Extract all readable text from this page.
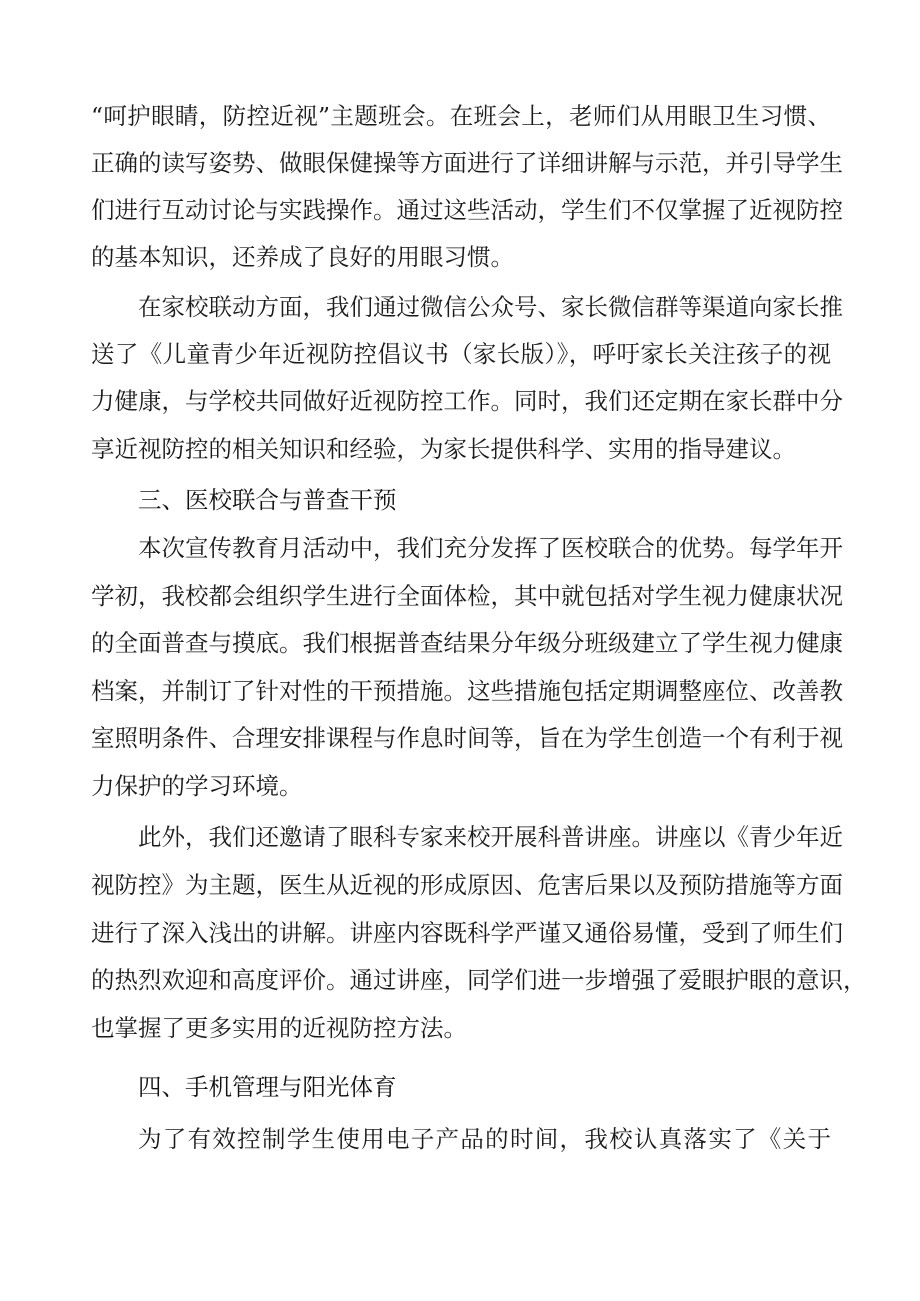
“呵护眼睛，防控近视”主题班会。在班会上，老师们从用眼卫生习惯、
正确的读写姿势、做眼保健操等方面进行了详细讲解与示范，并引导学生
们进行互动讨论与实践操作。通过这些活动，学生们不仅掌握了近视防控
的基本知识，还养成了良好的用眼习惯。
在家校联动方面，我们通过微信公众号、家长微信群等渠道向家长推
送了《儿童青少年近视防控倡议书（家长版）》，呼吁家长关注孩子的视
力健康，与学校共同做好近视防控工作。同时，我们还定期在家长群中分
享近视防控的相关知识和经验，为家长提供科学、实用的指导建议。
三、医校联合与普查干预
本次宣传教育月活动中，我们充分发挥了医校联合的优势。每学年开
学初，我校都会组织学生进行全面体检，其中就包括对学生视力健康状况
的全面普查与摸底。我们根据普查结果分年级分班级建立了学生视力健康
档案，并制订了针对性的干预措施。这些措施包括定期调整座位、改善教
室照明条件、合理安排课程与作息时间等，旨在为学生创造一个有利于视
力保护的学习环境。
此外，我们还邀请了眼科专家来校开展科普讲座。讲座以《青少年近
视防控》为主题，医生从近视的形成原因、危害后果以及预防措施等方面
进行了深入浅出的讲解。讲座内容既科学严谨又通俗易懂，受到了师生们
的热烈欢迎和高度评价。通过讲座，同学们进一步增强了爱眼护眼的意识，
也掌握了更多实用的近视防控方法。
四、手机管理与阳光体育
为了有效控制学生使用电子产品的时间，我校认真落实了《关于
